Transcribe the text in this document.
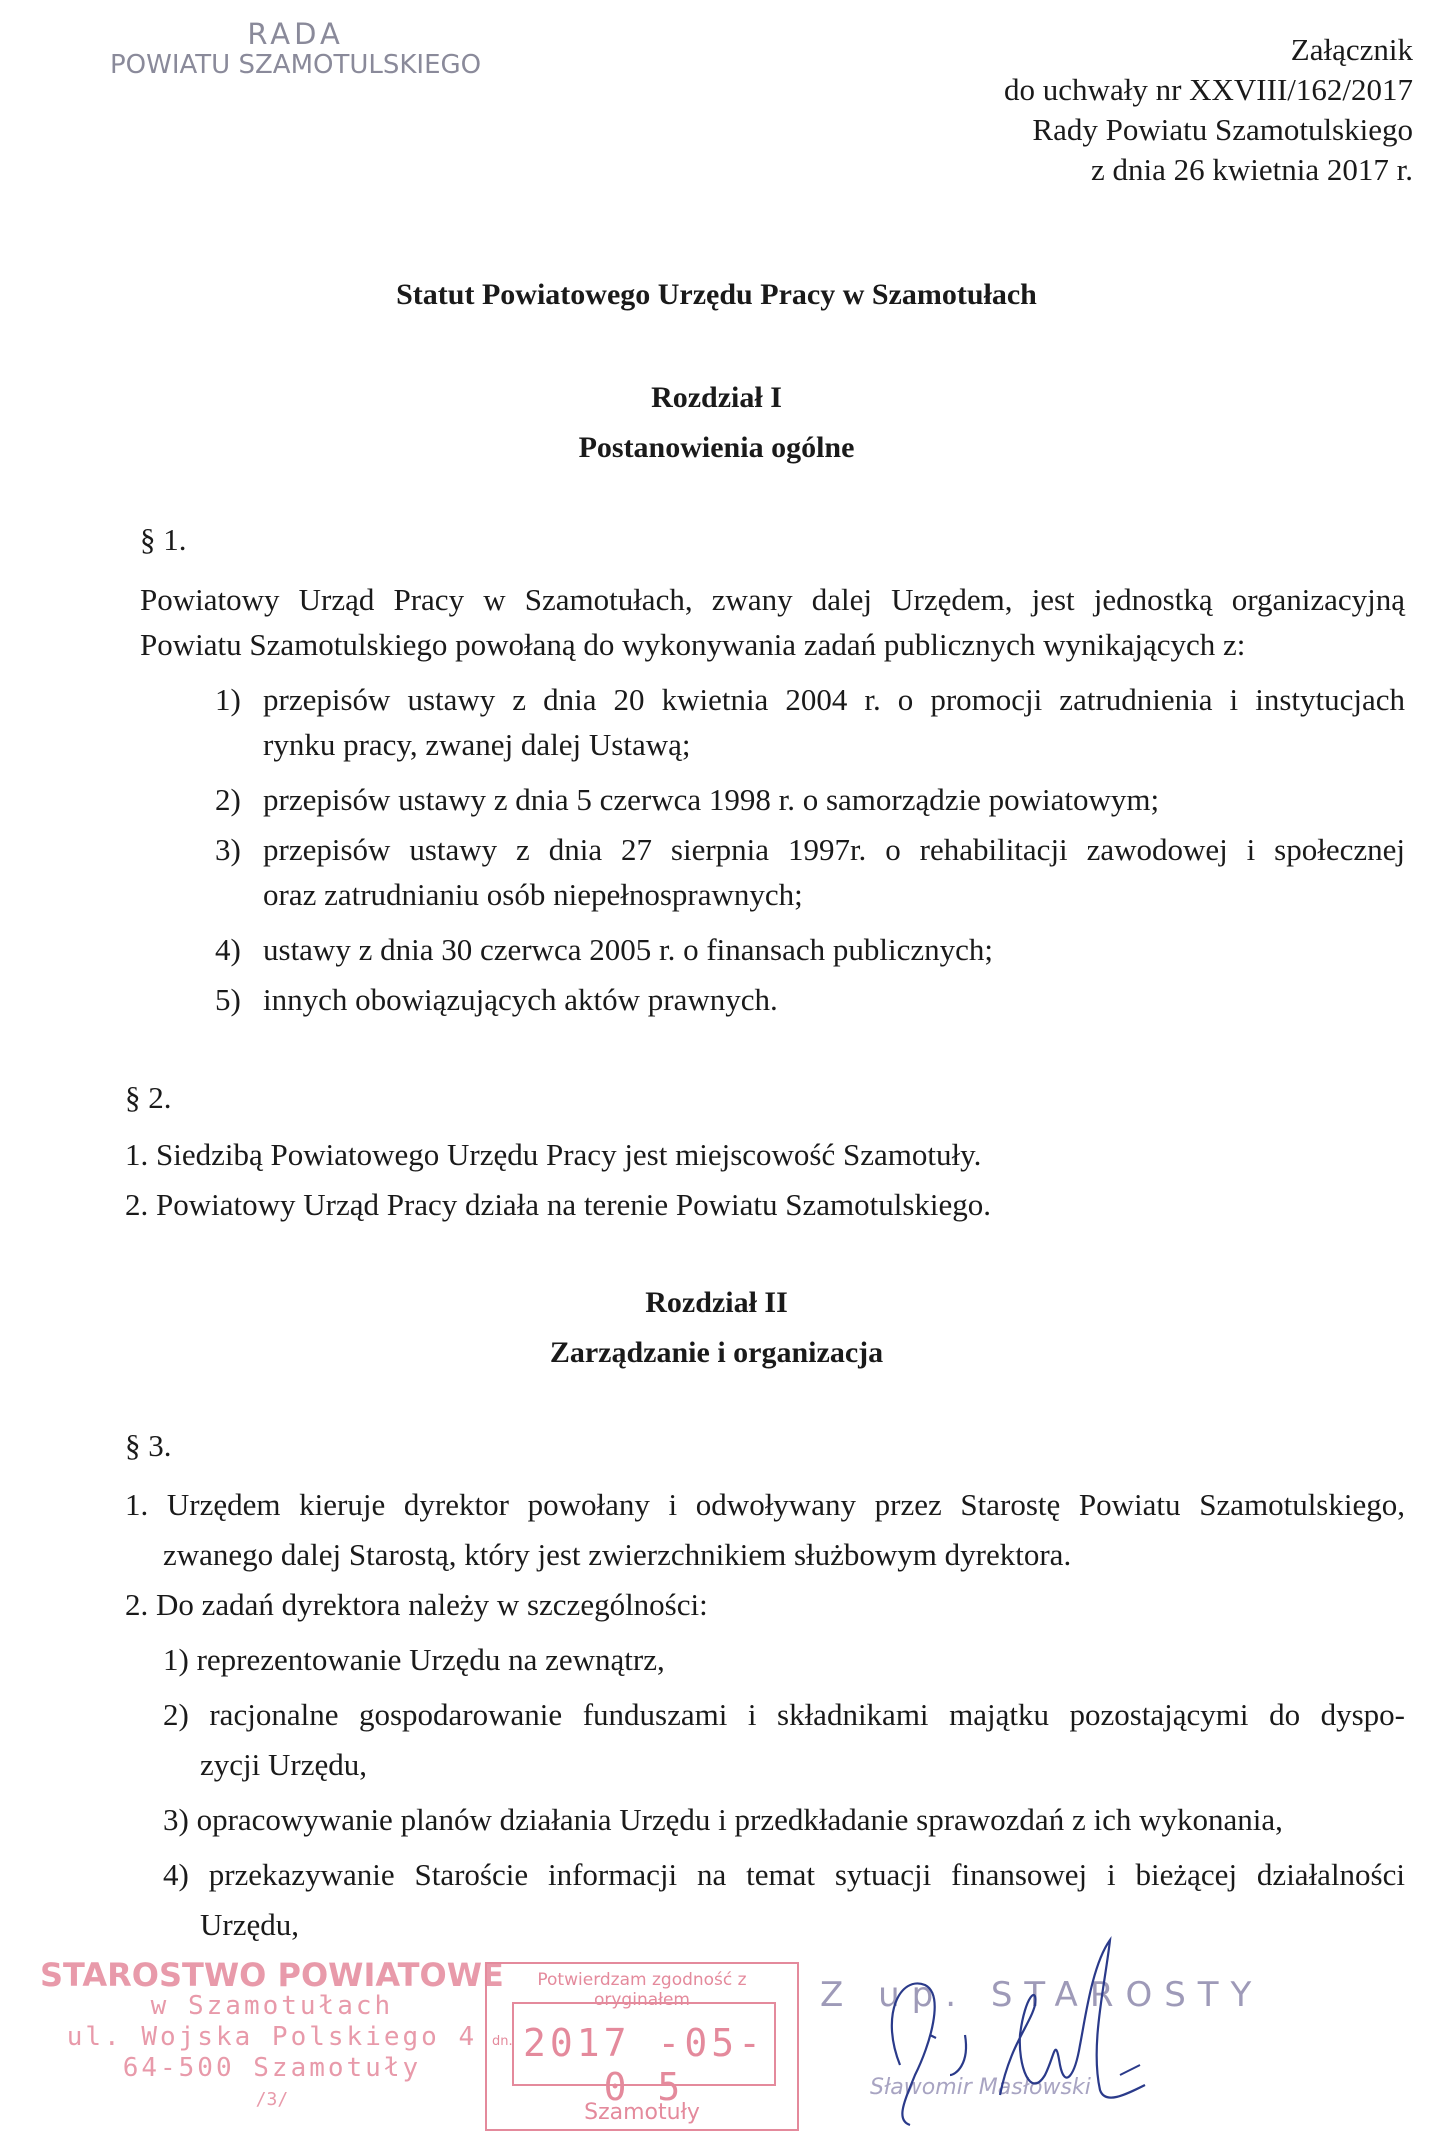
RADA
POWIATU SZAMOTULSKIEGO	Załącznik
do uchwały nr XXVIII/162/2017
Rady Powiatu Szamotulskiego
z dnia 26 kwietnia 2017 r.
Statut Powiatowego Urzędu Pracy w Szamotułach
Rozdział I
Postanowienia ogólne
§ 1.
Powiatowy Urząd Pracy w Szamotułach, zwany dalej Urzędem, jest jednostką organizacyjną
Powiatu Szamotulskiego powołaną do wykonywania zadań publicznych wynikających z:
1) przepisów ustawy z dnia 20 kwietnia 2004 r. o promocji zatrudnienia i instytucjach
rynku pracy, zwanej dalej Ustawą;
2) przepisów ustawy z dnia 5 czerwca 1998 r. o samorządzie powiatowym;
3) przepisów ustawy z dnia 27 sierpnia 1997r. o rehabilitacji zawodowej i społecznej
oraz zatrudnianiu osób niepełnosprawnych;
4) ustawy z dnia 30 czerwca 2005 r. o finansach publicznych;
5) innych obowiązujących aktów prawnych.
§ 2.
1. Siedzibą Powiatowego Urzędu Pracy jest miejscowość Szamotuły.
2. Powiatowy Urząd Pracy działa na terenie Powiatu Szamotulskiego.
Rozdział II
Zarządzanie i organizacja
§ 3.
1. Urzędem kieruje dyrektor powołany i odwoływany przez Starostę Powiatu Szamotulskiego,
zwanego dalej Starostą, który jest zwierzchnikiem służbowym dyrektora.
2. Do zadań dyrektora należy w szczególności:
1) reprezentowanie Urzędu na zewnątrz,
2) racjonalne gospodarowanie funduszami i składnikami majątku pozostającymi do dyspo-
zycji Urzędu,
3) opracowywanie planów działania Urzędu i przedkładanie sprawozdań z ich wykonania,
4) przekazywanie Staroście informacji na temat sytuacji finansowej i bieżącej działalności
Urzędu,
STAROSTWO POWIATOWE
w Szamotułach
ul. Wojska Polskiego 4
64-500 Szamotuły
/3/
Potwierdzam zgodność z oryginałem
2017 -05- 0 5
dn.
Szamotuły
Z up. STAROSTY
Sławomir Masłowski
